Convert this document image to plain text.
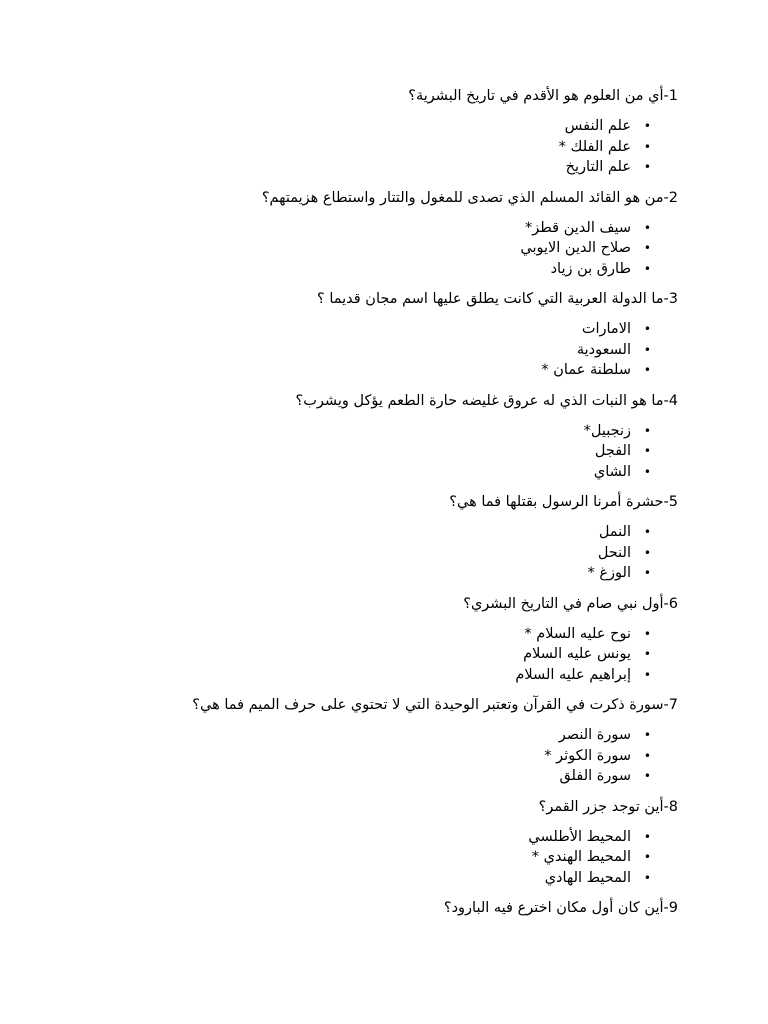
1-أي من العلوم هو الأقدم في تاريخ البشرية؟

•
علم النفس
•
علم الفلك *
•
علم التاريخ

2-من هو القائد المسلم الذي تصدى للمغول والتتار واستطاع هزيمتهم؟

•
سيف الدين قطز*
•
صلاح الدين الايوبي
•
طارق بن زياد

3-ما الدولة العربية التي كانت يطلق عليها اسم مجان قديما ؟

•
الامارات
•
السعودية
•
سلطنة عمان *

4-ما هو النبات الذي له عروق غليضه حارة الطعم يؤكل ويشرب؟

•
زنجبيل*
•
الفجل
•
الشاي

5-حشرة أمرنا الرسول بقتلها فما هي؟

•
النمل
•
النحل
•
الوزغ *

6-أول نبي صام في التاريخ البشري؟

•
نوح عليه السلام *
•
يونس عليه السلام
•
إبراهيم عليه السلام

7-سورة ذكرت في القرآن وتعتبر الوحيدة التي لا تحتوي على حرف الميم فما هي؟

•
سورة النصر
•
سورة الكوثر *
•
سورة الفلق

8-أين توجد جزر القمر؟

•
المحيط الأطلسي
•
المحيط الهندي *
•
المحيط الهادي

9-أين كان أول مكان اخترع فيه البارود؟
